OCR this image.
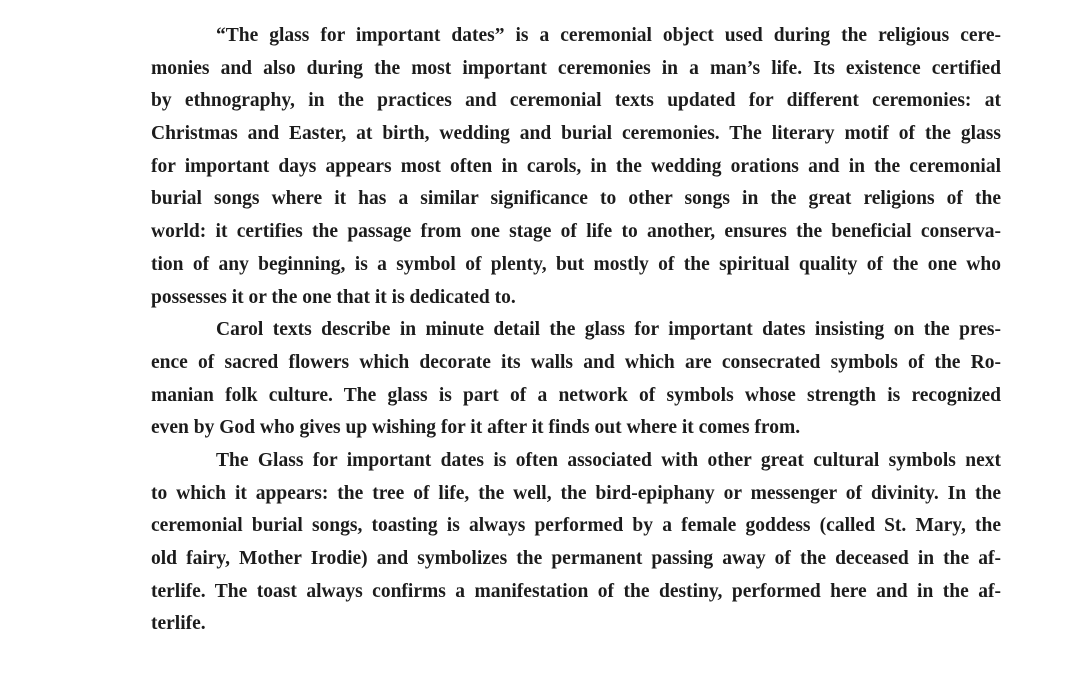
“The glass for important dates” is a ceremonial object used during the religious cere-
monies and also during the most important ceremonies in a man’s life. Its existence certified
by ethnography, in the practices and ceremonial texts updated for different ceremonies: at
Christmas and Easter, at birth, wedding and burial ceremonies. The literary motif of the glass
for important days appears most often in carols, in the wedding orations and in the ceremonial
burial songs where it has a similar significance to other songs in the great religions of the
world: it certifies the passage from one stage of life to another, ensures the beneficial conserva-
tion of any beginning, is a symbol of plenty, but mostly of the spiritual quality of the one who
possesses it or the one that it is dedicated to.
Carol texts describe in minute detail the glass for important dates insisting on the pres-
ence of sacred flowers which decorate its walls and which are consecrated symbols of the Ro-
manian folk culture. The glass is part of a network of symbols whose strength is recognized
even by God who gives up wishing for it after it finds out where it comes from.
The Glass for important dates is often associated with other great cultural symbols next
to which it appears: the tree of life, the well, the bird-epiphany or messenger of divinity. In the
ceremonial burial songs, toasting is always performed by a female goddess (called St. Mary, the
old fairy, Mother Irodie) and symbolizes the permanent passing away of the deceased in the af-
terlife. The toast always confirms a manifestation of the destiny, performed here and in the af-
terlife.
